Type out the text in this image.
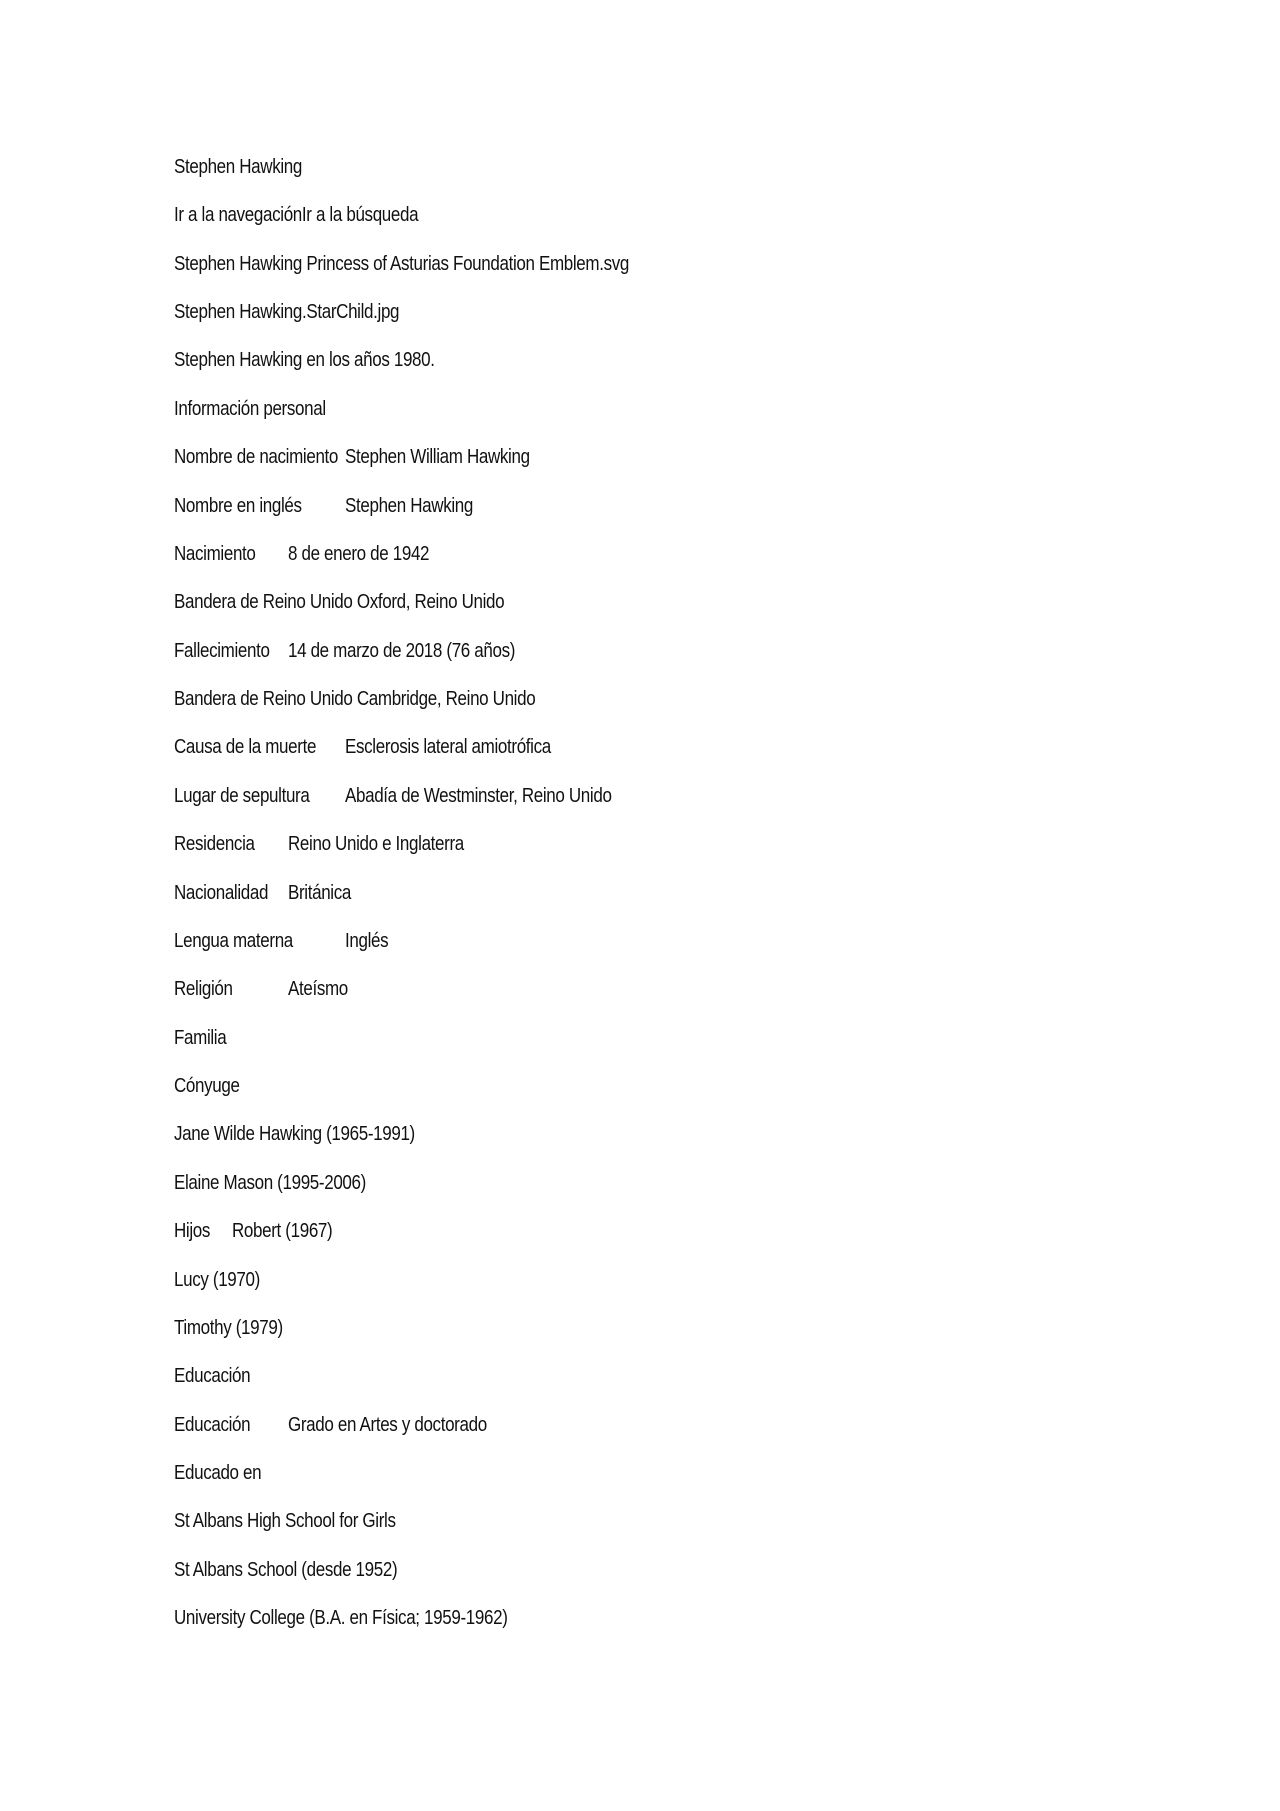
Stephen Hawking
Ir a la navegaciónIr a la búsqueda
Stephen Hawking Princess of Asturias Foundation Emblem.svg
Stephen Hawking.StarChild.jpg
Stephen Hawking en los años 1980.
Información personal
Nombre de nacimiento Stephen William Hawking
Nombre en inglés	Stephen Hawking
Nacimiento 8 de enero de 1942
Bandera de Reino Unido Oxford, Reino Unido
Fallecimiento 14 de marzo de 2018 (76 años)
Bandera de Reino Unido Cambridge, Reino Unido
Causa de la muerte Esclerosis lateral amiotrófica
Lugar de sepultura Abadía de Westminster, Reino Unido
Residencia Reino Unido e Inglaterra
Nacionalidad Británica
Lengua materna	Inglés
Religión	Ateísmo
Familia
Cónyuge
Jane Wilde Hawking (1965-1991)
Elaine Mason (1995-2006)
Hijos Robert (1967)
Lucy (1970)
Timothy (1979)
Educación
Educación Grado en Artes y doctorado
Educado en
St Albans High School for Girls
St Albans School (desde 1952)
University College (B.A. en Física; 1959-1962)
